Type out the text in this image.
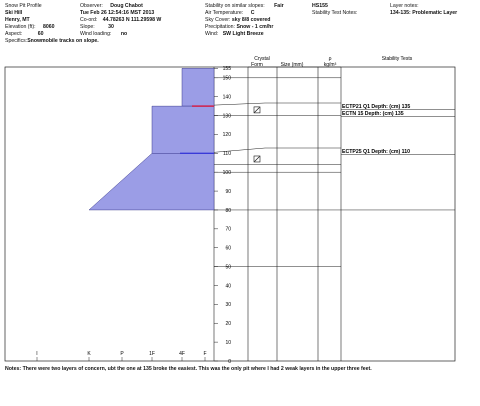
Snow Pit Profile
Ski Hill
Henry, MT
Elevation (ft): 8060
Aspect:	60
Specifics:Snowmobile tracks on slope.
Observer: Doug Chabot
Tue Feb 26 12:54:16 MST 2013
Co-ord: 44.78263 N 111.29598 W
Slope:	30
Wind loading: no
Stability on similar slopes: Fair
Air Temperature: C
Sky Cover: sky 8/8 covered
Precipitation: Snow - 1 cm/hr
Wind: SW Light Breeze
HS155
Stability Test Notes:
Layer notes:
134-135: Problematic Layer
Crystal
Form	Size (mm)
ρ
kg/m³
Stability Tests
155
150
140
130
120
110
100
90
80
70
60
50
40
30
20
10
0
I	K	P	1F	4F	F
ECTP21 Q1 Depth: (cm) 135
ECTN 15 Depth: (cm) 135
ECTP25 Q1 Depth: (cm) 110
Notes: There were two layers of concern, ubt the one at 135 broke the easiest. This was the only pit where I had 2 weak layers in the upper three feet.
